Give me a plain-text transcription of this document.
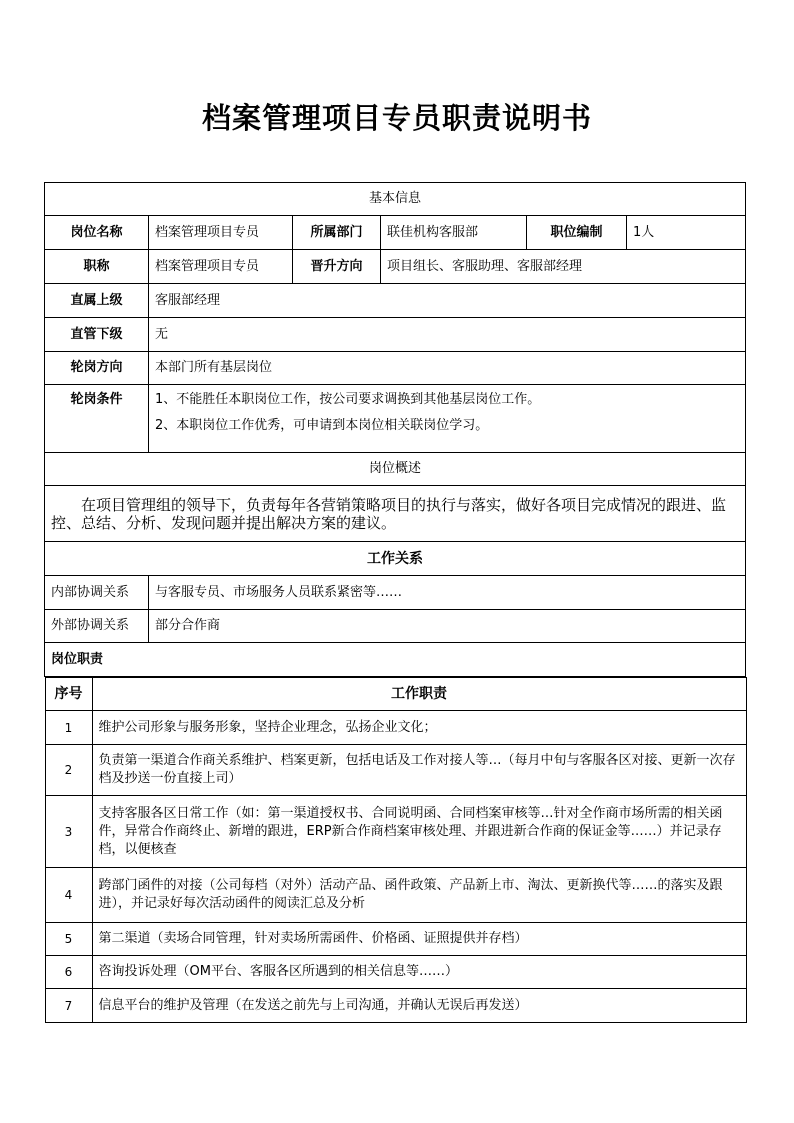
档案管理项目专员职责说明书
基本信息
岗位名称	档案管理项目专员	所属部门	联佳机构客服部	职位编制	1人
职称	档案管理项目专员	晋升方向	项目组长、客服助理、客服部经理
直属上级	客服部经理
直管下级	无
轮岗方向	本部门所有基层岗位
轮岗条件	1、不能胜任本职岗位工作，按公司要求调换到其他基层岗位工作。

2、本职岗位工作优秀，可申请到本岗位相关联岗位学习。

岗位概述
在项目管理组的领导下，负责每年各营销策略项目的执行与落实，做好各项目完成情况的跟进、监控、总结、分析、发现问题并提出解决方案的建议。
工作关系
内部协调关系	与客服专员、市场服务人员联系紧密等……
外部协调关系	部分合作商
岗位职责

序号	工作职责
1	维护公司形象与服务形象，坚持企业理念，弘扬企业文化；
2	负责第一渠道合作商关系维护、档案更新，包括电话及工作对接人等…（每月中旬与客服各区对接、更新一次存档及抄送一份直接上司）
3	支持客服各区日常工作（如：第一渠道授权书、合同说明函、合同档案审核等…针对全作商市场所需的相关函件，异常合作商终止、新增的跟进，ERP新合作商档案审核处理、并跟进新合作商的保证金等……）并记录存档，以便核查
4	跨部门函件的对接（公司每档（对外）活动产品、函件政策、产品新上市、淘汰、更新换代等……的落实及跟进），并记录好每次活动函件的阅读汇总及分析
5	第二渠道（卖场合同管理，针对卖场所需函件、价格函、证照提供并存档）
6	咨询投诉处理（OM平台、客服各区所遇到的相关信息等……）
7	信息平台的维护及管理（在发送之前先与上司沟通，并确认无误后再发送）
